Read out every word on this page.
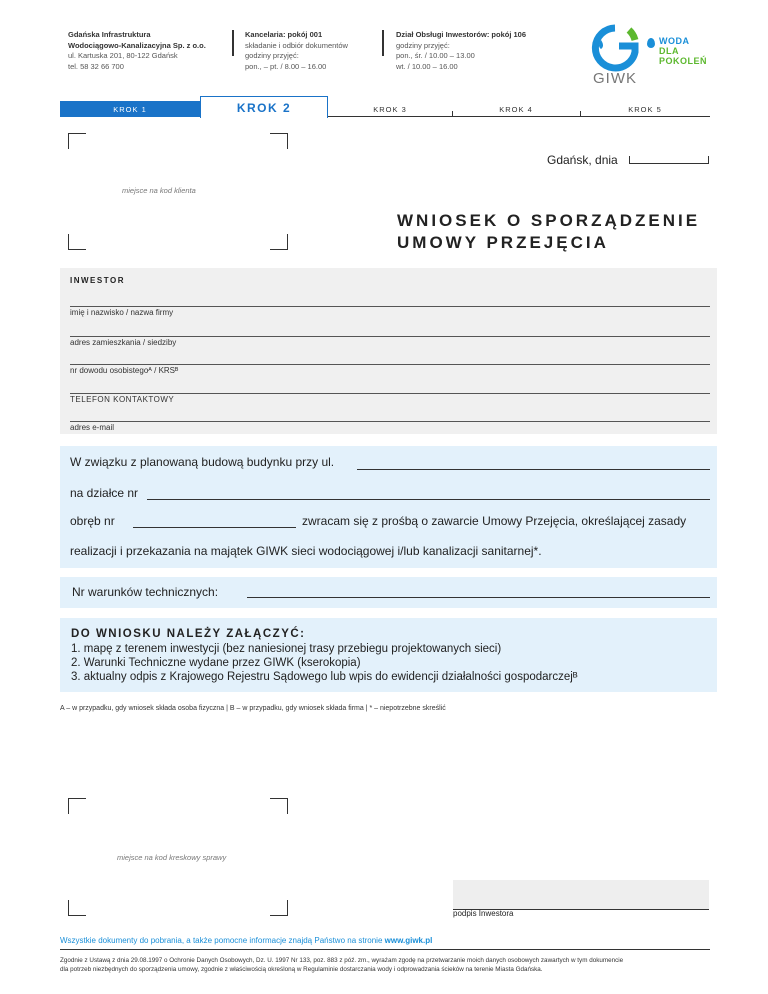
Gdańska Infrastruktura
Wodociągowo-Kanalizacyjna Sp. z o.o.
ul. Kartuska 201, 80-122 Gdańsk
tel. 58 32 66 700
Kancelaria: pokój 001
składanie i odbiór dokumentów
godziny przyjęć:
pon., – pt. / 8.00 – 16.00
Dział Obsługi Inwestorów: pokój 106
godziny przyjęć:
pon., śr. / 10.00 – 13.00
wt. / 10.00 – 16.00
GIWK
WODA
DLA
POKOLEŃ
KROK 1	KROK 2	KROK 3	KROK 4	KROK 5
miejsce na kod klienta
Gdańsk, dnia
WNIOSEK O SPORZĄDZENIE
UMOWY PRZEJĘCIA
INWESTOR
imię i nazwisko / nazwa firmy
adres zamieszkania / siedziby
nr dowodu osobistegoᴬ / KRSᴮ
TELEFON KONTAKTOWY
adres e-mail
W związku z planowaną budową budynku przy ul.
na działce nr
obręb nr	zwracam się z prośbą o zawarcie Umowy Przejęcia, określającej zasady
realizacji i przekazania na majątek GIWK sieci wodociągowej i/lub kanalizacji sanitarnej*.
Nr warunków technicznych:
DO WNIOSKU NALEŻY ZAŁĄCZYĆ:
1. mapę z terenem inwestycji (bez naniesionej trasy przebiegu projektowanych sieci)
2. Warunki Techniczne wydane przez GIWK (kserokopia)
3. aktualny odpis z Krajowego Rejestru Sądowego lub wpis do ewidencji działalności gospodarczejᴮ
A – w przypadku, gdy wniosek składa osoba fizyczna | B – w przypadku, gdy wniosek składa firma | * – niepotrzebne skreślić
miejsce na kod kreskowy sprawy
podpis Inwestora
Wszystkie dokumenty do pobrania, a także pomocne informacje znajdą Państwo na stronie www.giwk.pl
Zgodnie z Ustawą z dnia 29.08.1997 o Ochronie Danych Osobowych, Dz. U. 1997 Nr 133, poz. 883 z póź. zm., wyrażam zgodę na przetwarzanie moich danych osobowych zawartych w tym dokumencie
dla potrzeb niezbędnych do sporządzenia umowy, zgodnie z właściwością określoną w Regulaminie dostarczania wody i odprowadzania ścieków na terenie Miasta Gdańska.
